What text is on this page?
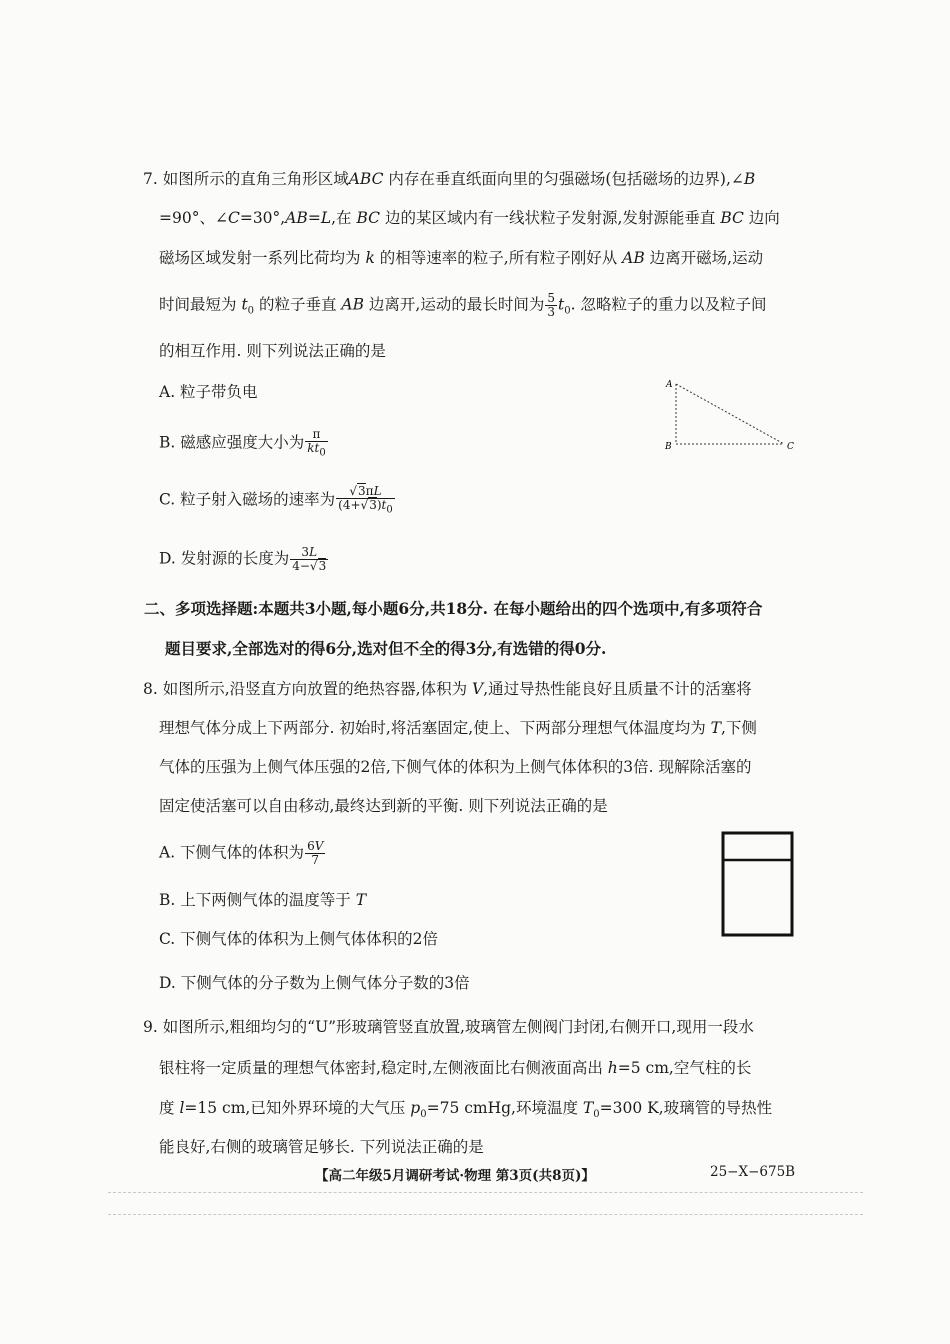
7. 如图所示的直角三角形区域ABC 内存在垂直纸面向里的匀强磁场(包括磁场的边界),∠B
=90°、∠C=30°,AB=L,在 BC 边的某区域内有一线状粒子发射源,发射源能垂直 BC 边向
磁场区域发射一系列比荷均为 k 的相等速率的粒子,所有粒子刚好从 AB 边离开磁场,运动
时间最短为 $t_0$ 的粒子垂直 AB 边离开,运动的最长时间为 $\frac{5}{3} t_0$. 忽略粒子的重力以及粒子间
的相互作用. 则下列说法正确的是
A. 粒子带负电
B. 磁感应强度大小为 $\frac{\pi}{kt_0}$
C. 粒子射入磁场的速率为 $\frac{√3\pi L}{(4+√3)t_0}$
D. 发射源的长度为 $\frac{3L}{4-√3}$
A
B	C
二、多项选择题:本题共3小题,每小题6分,共18分. 在每小题给出的四个选项中,有多项符合
题目要求,全部选对的得6分,选对但不全的得3分,有选错的得0分.
8. 如图所示,沿竖直方向放置的绝热容器,体积为 V,通过导热性能良好且质量不计的活塞将
理想气体分成上下两部分. 初始时,将活塞固定,使上、下两部分理想气体温度均为 T,下侧
气体的压强为上侧气体压强的2倍,下侧气体的体积为上侧气体体积的3倍. 现解除活塞的
固定使活塞可以自由移动,最终达到新的平衡. 则下列说法正确的是
A. 下侧气体的体积为 $\frac{6V}{7}$
B. 上下两侧气体的温度等于 T
C. 下侧气体的体积为上侧气体体积的2倍
D. 下侧气体的分子数为上侧气体分子数的3倍
9. 如图所示,粗细均匀的“U”形玻璃管竖直放置,玻璃管左侧阀门封闭,右侧开口,现用一段水
银柱将一定质量的理想气体密封,稳定时,左侧液面比右侧液面高出 h=5 cm,空气柱的长
度 l=15 cm,已知外界环境的大气压 $p_0=75$ cmHg,环境温度 $T_0=300$ K,玻璃管的导热性
能良好,右侧的玻璃管足够长. 下列说法正确的是
【高二年级5月调研考试·物理 第3页(共8页)】	25−X−675B
